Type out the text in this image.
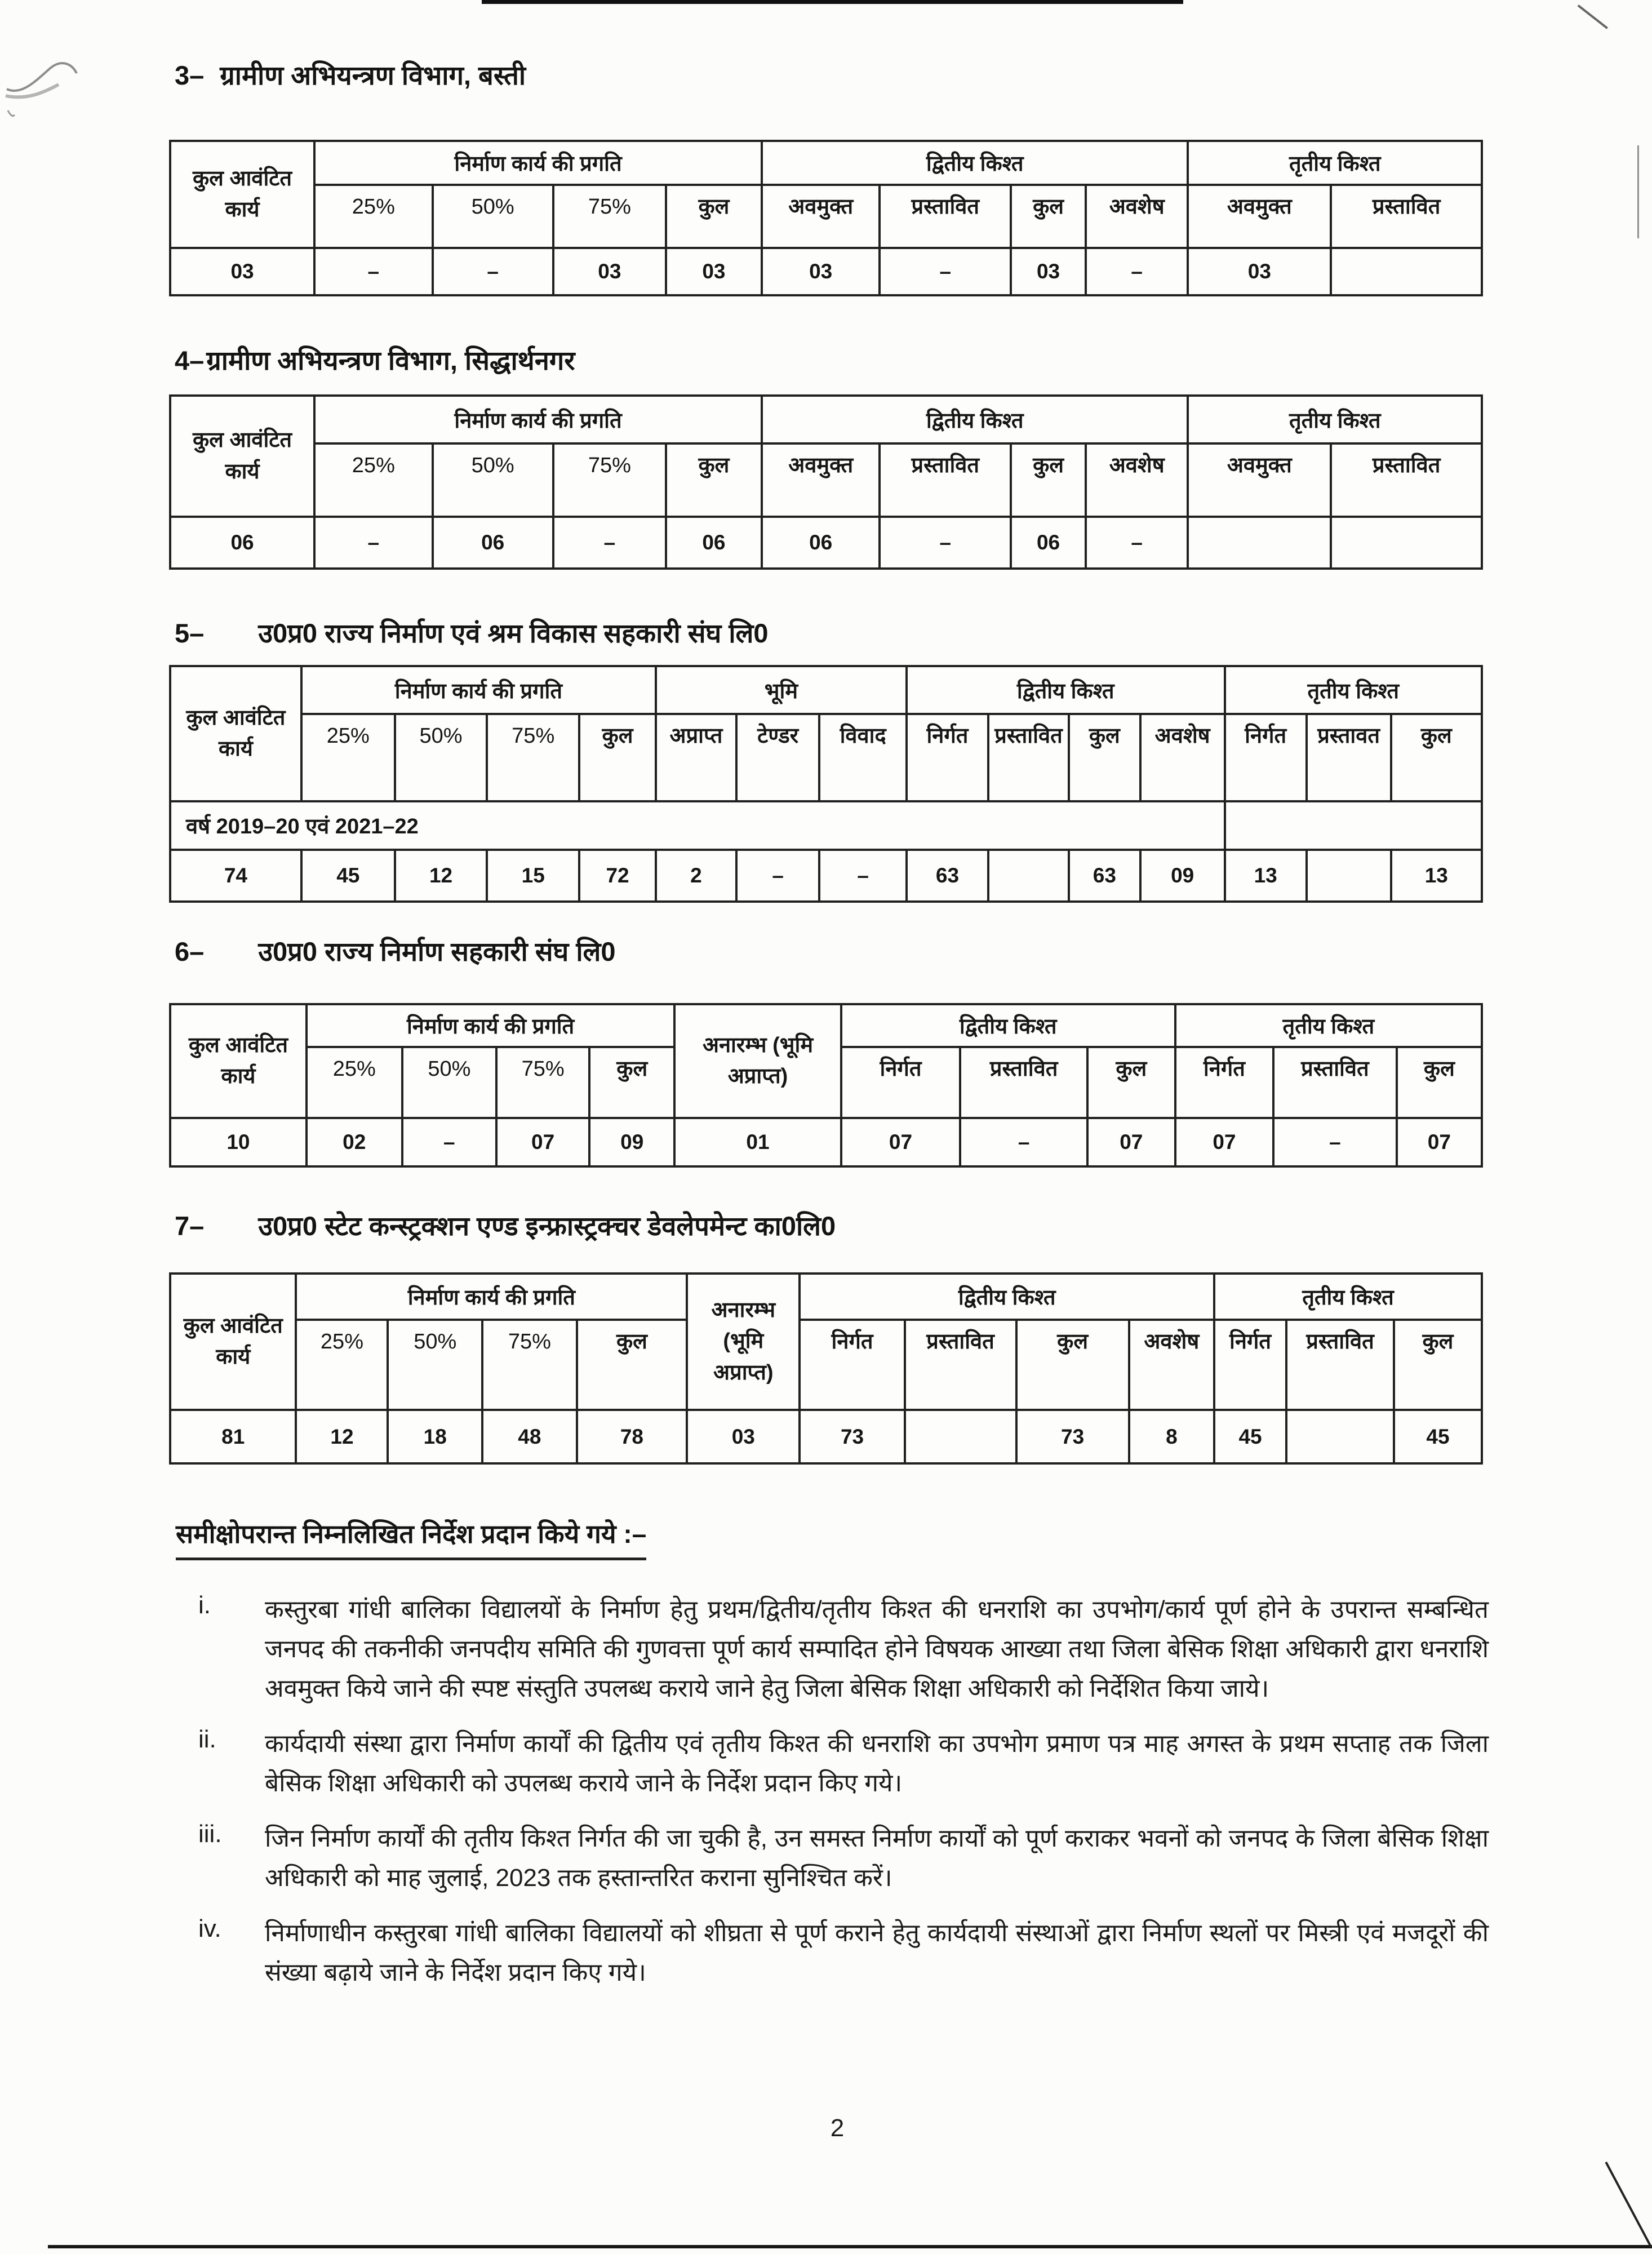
3– ग्रामीण अभियन्त्रण विभाग, बस्ती
कुल आवंटित कार्य	निर्माण कार्य की प्रगति				द्वितीय किश्त				तृतीय किश्त	
	25%	50%	75%	कुल	अवमुक्त	प्रस्तावित	कुल	अवशेष	अवमुक्त	प्रस्तावित
03	–	–	03	03	03	–	03	–	03	
4– ग्रामीण अभियन्त्रण विभाग, सिद्धार्थनगर
कुल आवंटित कार्य	निर्माण कार्य की प्रगति				द्वितीय किश्त				तृतीय किश्त	
	25%	50%	75%	कुल	अवमुक्त	प्रस्तावित	कुल	अवशेष	अवमुक्त	प्रस्तावित
06	–	06	–	06	06	–	06	–		
5– उ0प्र0 राज्य निर्माण एवं श्रम विकास सहकारी संघ लि0
कुल आवंटित कार्य	निर्माण कार्य की प्रगति				भूमि			द्वितीय किश्त				तृतीय किश्त		
	25%	50%	75%	कुल	अप्राप्त	टेण्डर	विवाद	निर्गत	प्रस्तावित	कुल	अवशेष	निर्गत	प्रस्तावत	कुल
वर्ष 2019–20 एवं 2021–22														
74	45	12	15	72	2	–	–	63		63	09	13		13
6– उ0प्र0 राज्य निर्माण सहकारी संघ लि0
कुल आवंटित कार्य	निर्माण कार्य की प्रगति				अनारम्भ (भूमि अप्राप्त)	द्वितीय किश्त			तृतीय किश्त		
	25%	50%	75%	कुल		निर्गत	प्रस्तावित	कुल	निर्गत	प्रस्तावित	कुल
10	02	–	07	09	01	07	–	07	07	–	07
7– उ0प्र0 स्टेट कन्स्ट्रक्शन एण्ड इन्फ्रास्ट्रक्चर डेवलेपमेन्ट का0लि0
कुल आवंटित कार्य	निर्माण कार्य की प्रगति				अनारम्भ (भूमि अप्राप्त)	द्वितीय किश्त				तृतीय किश्त		
	25%	50%	75%	कुल		निर्गत	प्रस्तावित	कुल	अवशेष	निर्गत	प्रस्तावित	कुल
81	12	18	48	78	03	73		73	8	45		45
समीक्षोपरान्त निम्नलिखित निर्देश प्रदान किये गये :–
i.	कस्तुरबा गांधी बालिका विद्यालयों के निर्माण हेतु प्रथम/द्वितीय/तृतीय किश्त की धनराशि का उपभोग/कार्य पूर्ण होने के उपरान्त सम्बन्धित जनपद की तकनीकी जनपदीय समिति की गुणवत्ता पूर्ण कार्य सम्पादित होने विषयक आख्या तथा जिला बेसिक शिक्षा अधिकारी द्वारा धनराशि अवमुक्त किये जाने की स्पष्ट संस्तुति उपलब्ध कराये जाने हेतु जिला बेसिक शिक्षा अधिकारी को निर्देशित किया जाये।
ii.	कार्यदायी संस्था द्वारा निर्माण कार्यों की द्वितीय एवं तृतीय किश्त की धनराशि का उपभोग प्रमाण पत्र माह अगस्त के प्रथम सप्ताह तक जिला बेसिक शिक्षा अधिकारी को उपलब्ध कराये जाने के निर्देश प्रदान किए गये।
iii.	जिन निर्माण कार्यों की तृतीय किश्त निर्गत की जा चुकी है, उन समस्त निर्माण कार्यों को पूर्ण कराकर भवनों को जनपद के जिला बेसिक शिक्षा अधिकारी को माह जुलाई, 2023 तक हस्तान्तरित कराना सुनिश्चित करें।
iv.	निर्माणाधीन कस्तुरबा गांधी बालिका विद्यालयों को शीघ्रता से पूर्ण कराने हेतु कार्यदायी संस्थाओं द्वारा निर्माण स्थलों पर मिस्त्री एवं मजदूरों की संख्या बढ़ाये जाने के निर्देश प्रदान किए गये।
2
